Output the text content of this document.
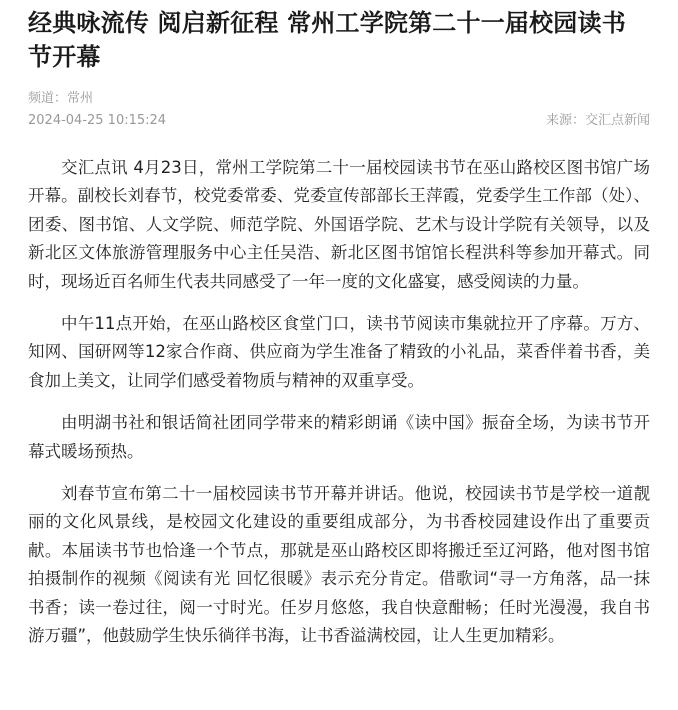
经典咏流传 阅启新征程 常州工学院第二十一届校园读书节开幕
频道：常州
2024-04-25 10:15:24	来源：交汇点新闻

交汇点讯 4月23日，常州工学院第二十一届校园读书节在巫山路校区图书馆广场开幕。副校长刘春节，校党委常委、党委宣传部部长王萍霞，党委学生工作部（处）、团委、图书馆、人文学院、师范学院、外国语学院、艺术与设计学院有关领导，以及新北区文体旅游管理服务中心主任吴浩、新北区图书馆馆长程洪科等参加开幕式。同时，现场近百名师生代表共同感受了一年一度的文化盛宴，感受阅读的力量。

中午11点开始，在巫山路校区食堂门口，读书节阅读市集就拉开了序幕。万方、知网、国研网等12家合作商、供应商为学生准备了精致的小礼品，菜香伴着书香，美食加上美文，让同学们感受着物质与精神的双重享受。

由明湖书社和银话简社团同学带来的精彩朗诵《读中国》振奋全场，为读书节开幕式暖场预热。

刘春节宣布第二十一届校园读书节开幕并讲话。他说，校园读书节是学校一道靓丽的文化风景线，是校园文化建设的重要组成部分，为书香校园建设作出了重要贡献。本届读书节也恰逢一个节点，那就是巫山路校区即将搬迁至辽河路，他对图书馆拍摄制作的视频《阅读有光 回忆很暖》表示充分肯定。借歌词“寻一方角落，品一抹书香；读一卷过往，阅一寸时光。任岁月悠悠，我自快意酣畅；任时光漫漫，我自书游万疆”，他鼓励学生快乐徜徉书海，让书香溢满校园，让人生更加精彩。
